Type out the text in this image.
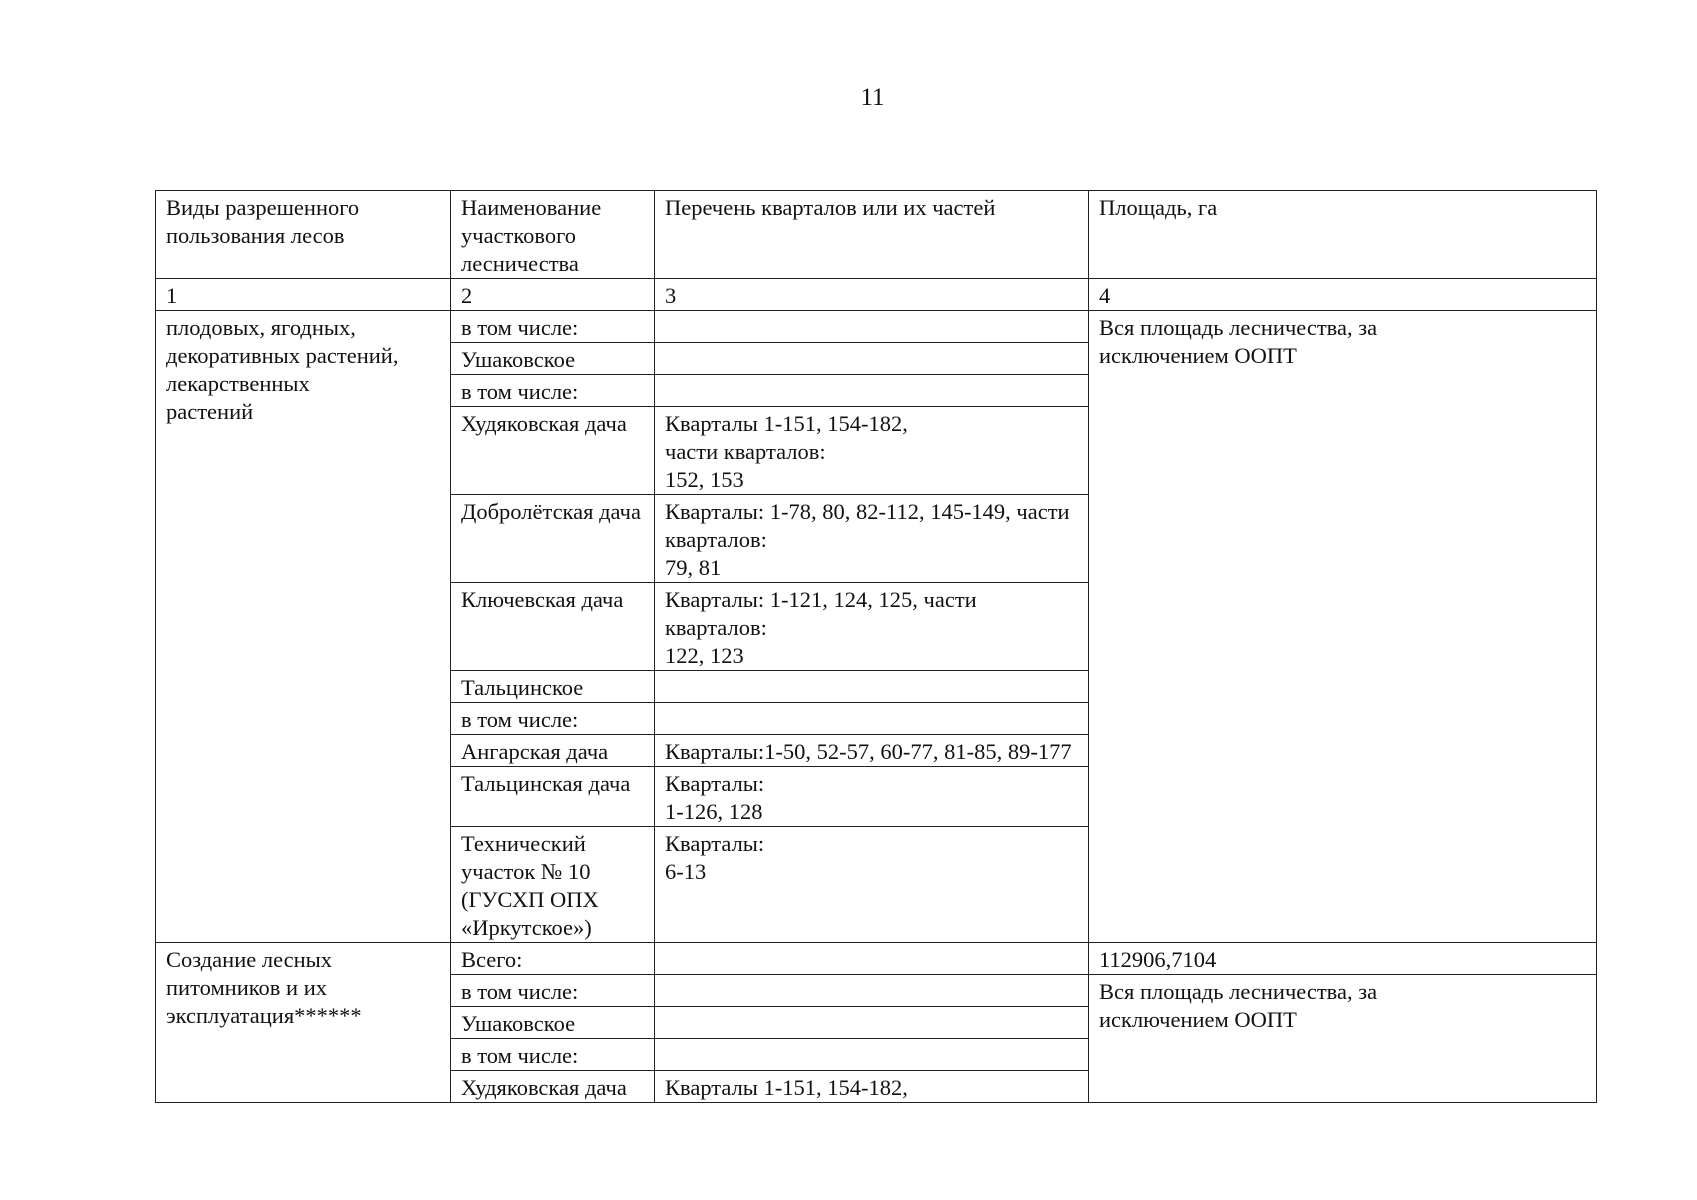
11
Виды разрешенного
пользования лесов	Наименование
участкового
лесничества	Перечень кварталов или их частей	Площадь, га
1	2	3	4
плодовых, ягодных,
декоративных растений,
лекарственных
растений	в том числе:		Вся площадь лесничества, за
исключением ООПТ
	Ушаковское		
	в том числе:		
	Худяковская дача	Кварталы 1-151, 154-182,
части кварталов:
152, 153	
	Добролётская дача	Кварталы: 1-78, 80, 82-112, 145-149, части
кварталов:
79, 81	
	Ключевская дача	Кварталы: 1-121, 124, 125, части
кварталов:
122, 123	
	Тальцинское		
	в том числе:		
	Ангарская дача	Кварталы:1-50, 52-57, 60-77, 81-85, 89-177	
	Тальцинская дача	Кварталы:
1-126, 128	
	Технический
участок № 10
(ГУСХП ОПХ
«Иркутское»)	Кварталы:
6-13	
Создание лесных
питомников и их
эксплуатация******	Всего:		112906,7104
	в том числе:		Вся площадь лесничества, за
исключением ООПТ
	Ушаковское		
	в том числе:		
	Худяковская дача	Кварталы 1-151, 154-182,	
